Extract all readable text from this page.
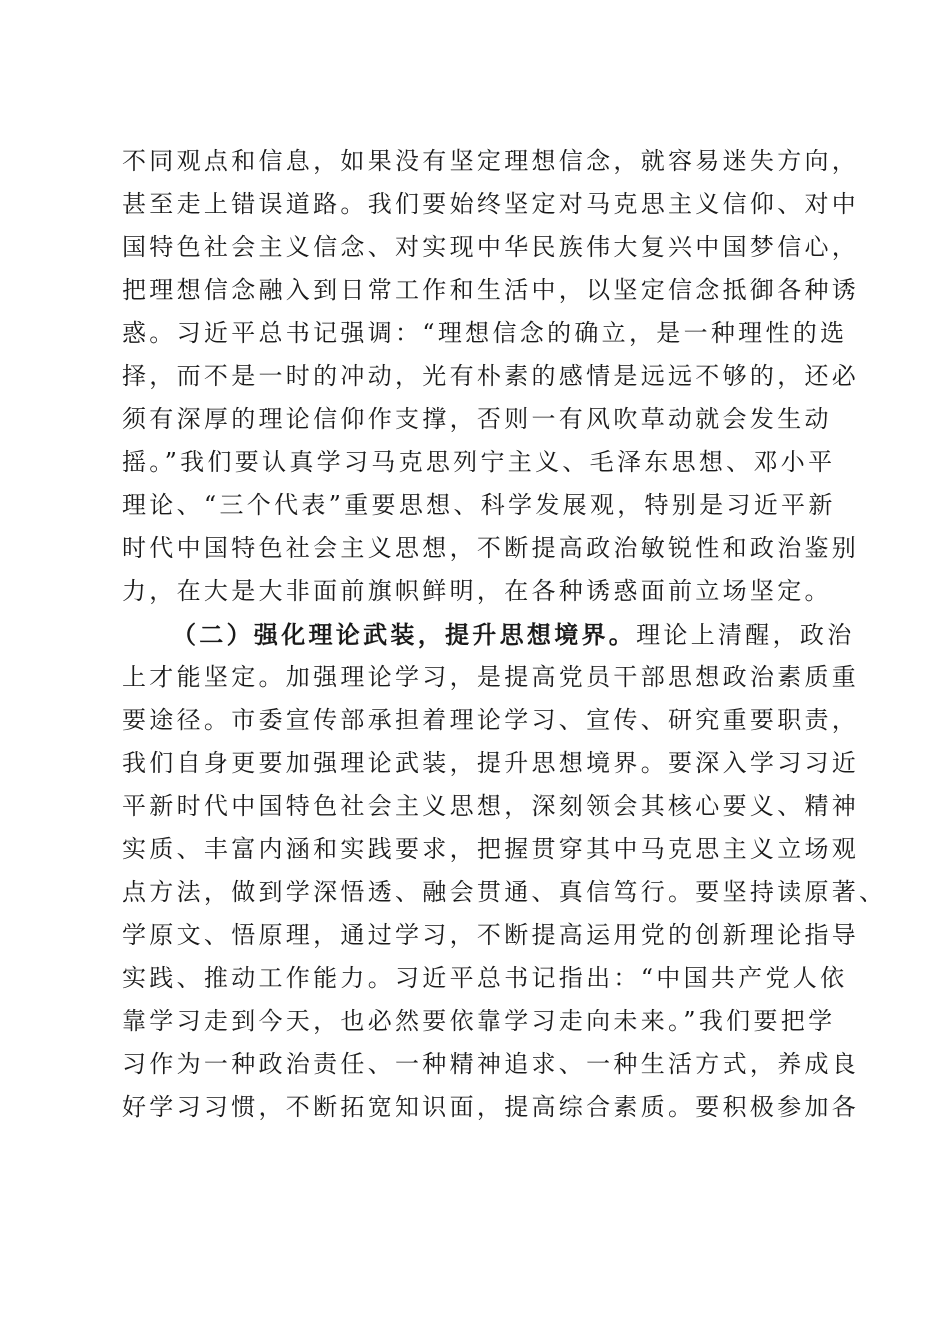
不同观点和信息，如果没有坚定理想信念，就容易迷失方向，
甚至走上错误道路。我们要始终坚定对马克思主义信仰、对中
国特色社会主义信念、对实现中华民族伟大复兴中国梦信心，
把理想信念融入到日常工作和生活中，以坚定信念抵御各种诱
惑。习近平总书记强调：“理想信念的确立，是一种理性的选
择，而不是一时的冲动，光有朴素的感情是远远不够的，还必
须有深厚的理论信仰作支撑，否则一有风吹草动就会发生动
摇。”我们要认真学习马克思列宁主义、毛泽东思想、邓小平
理论、“三个代表”重要思想、科学发展观，特别是习近平新
时代中国特色社会主义思想，不断提高政治敏锐性和政治鉴别
力，在大是大非面前旗帜鲜明，在各种诱惑面前立场坚定。
（二）强化理论武装，提升思想境界。理论上清醒，政治
上才能坚定。加强理论学习，是提高党员干部思想政治素质重
要途径。市委宣传部承担着理论学习、宣传、研究重要职责，
我们自身更要加强理论武装，提升思想境界。要深入学习习近
平新时代中国特色社会主义思想，深刻领会其核心要义、精神
实质、丰富内涵和实践要求，把握贯穿其中马克思主义立场观
点方法，做到学深悟透、融会贯通、真信笃行。要坚持读原著、
学原文、悟原理，通过学习，不断提高运用党的创新理论指导
实践、推动工作能力。习近平总书记指出：“中国共产党人依
靠学习走到今天，也必然要依靠学习走向未来。”我们要把学
习作为一种政治责任、一种精神追求、一种生活方式，养成良
好学习习惯，不断拓宽知识面，提高综合素质。要积极参加各
